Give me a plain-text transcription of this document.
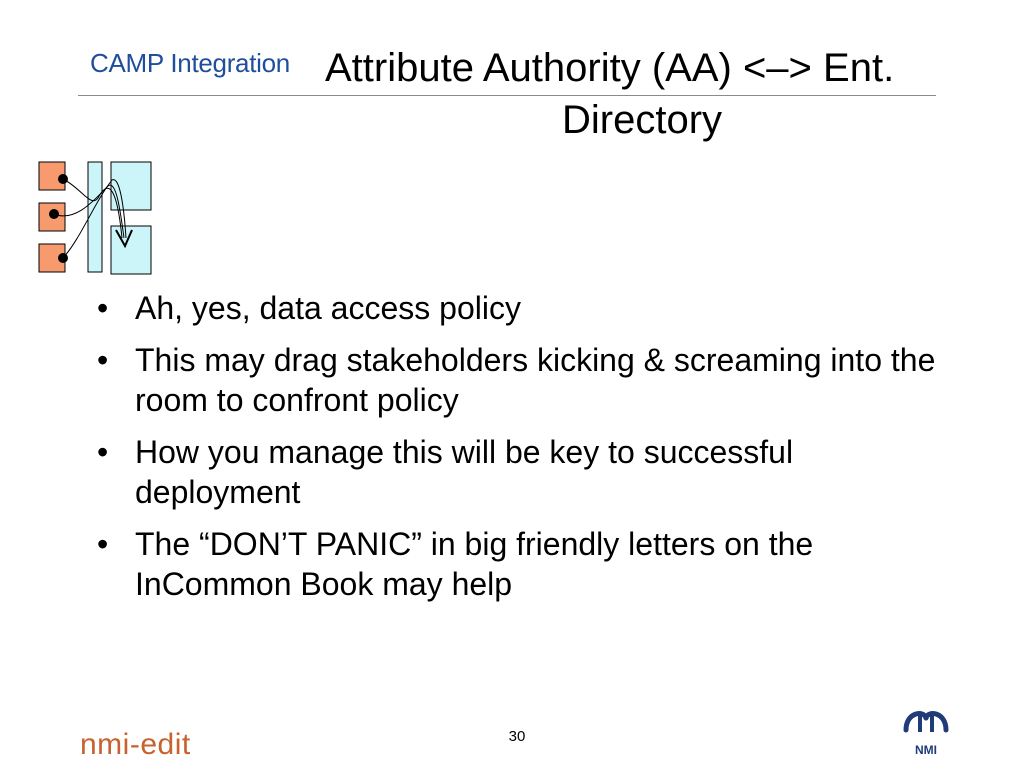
CAMP Integration Attribute Authority (AA) <–> Ent.
Directory
• Ah, yes, data access policy
• This may drag stakeholders kicking & screaming into the room to confront policy
• How you manage this will be key to successful deployment
• The “DON’T PANIC” in big friendly letters on the InCommon Book may help
30
nmi-edit	NMI
